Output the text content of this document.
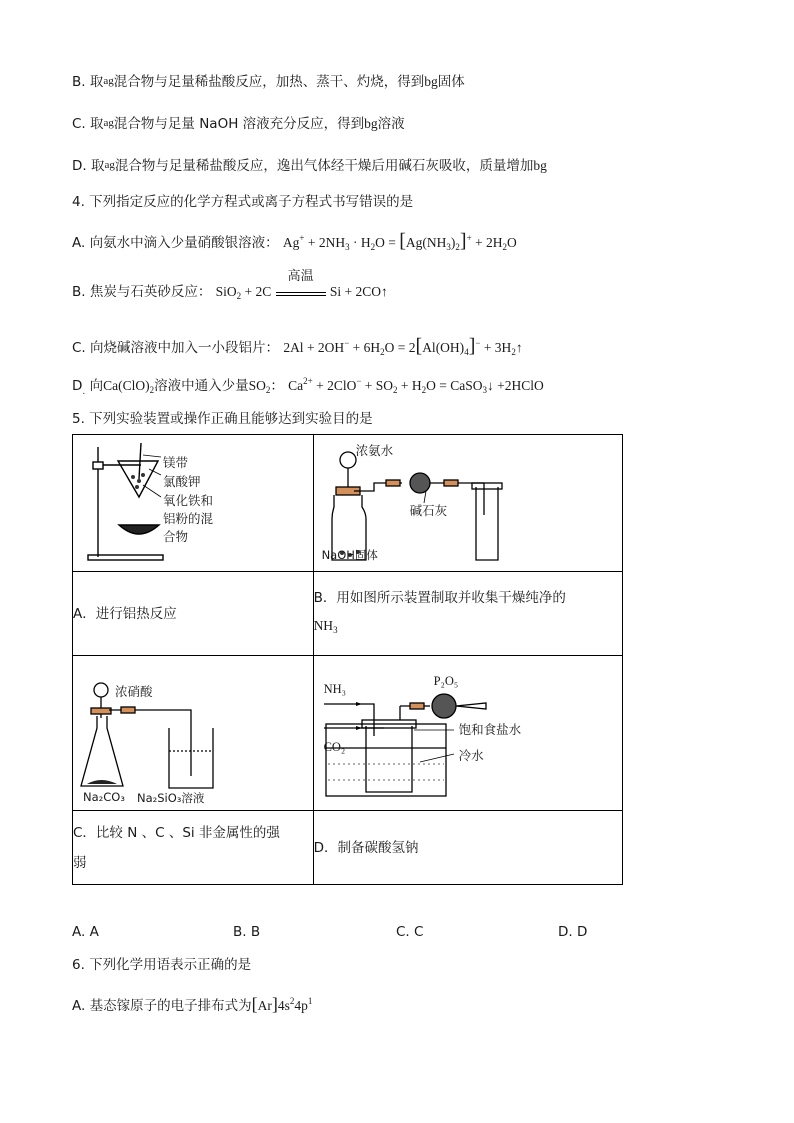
B. 取ag混合物与足量稀盐酸反应，加热、蒸干、灼烧，得到bg固体
C. 取ag混合物与足量 NaOH 溶液充分反应，得到bg溶液
D. 取ag混合物与足量稀盐酸反应，逸出气体经干燥后用碱石灰吸收，质量增加bg
4. 下列指定反应的化学方程式或离子方程式书写错误的是
A. 向氨水中滴入少量硝酸银溶液： $Ag^+ + 2NH_3 \cdot H_2O = [Ag(NH_3)_2]^+ + 2H_2O$
B. 焦炭与石英砂反应： SiO$_2$ + 2C
高温
Si + 2CO↑
C. 向烧碱溶液中加入一小段铝片： $2Al + 2OH^- + 6H_2O = 2[Al(OH)_4]^-$ + $3H_2↑$
$D_.$ 向$Ca(ClO)_2$溶液中通入少量$SO_2$： $Ca^{2+} + 2ClO^- + SO_2 + H_2O$ = CaSO$_3$↓ +2HClO
5. 下列实验装置或操作正确且能够达到实验目的是
镁带
氯酸钾
氧化铁和
铝粉的混
合物	浓氨水
碱石灰
NaOH固体

A．进行铝热反应	B．用如图所示装置制取并收集干燥纯净的
$NH_3$

浓硝酸
Na₂CO₃ Na₂SiO₃溶液	NH₃
CO₂
P₂O₅
饱和食盐水
冷水

C．比较 N 、C 、Si 非金属性的强
弱	D．制备碳酸氢钠
A. A	B. B	C. C	D. D
6. 下列化学用语表示正确的是
A. 基态镓原子的电子排布式为$[Ar]4s^24p^1$
